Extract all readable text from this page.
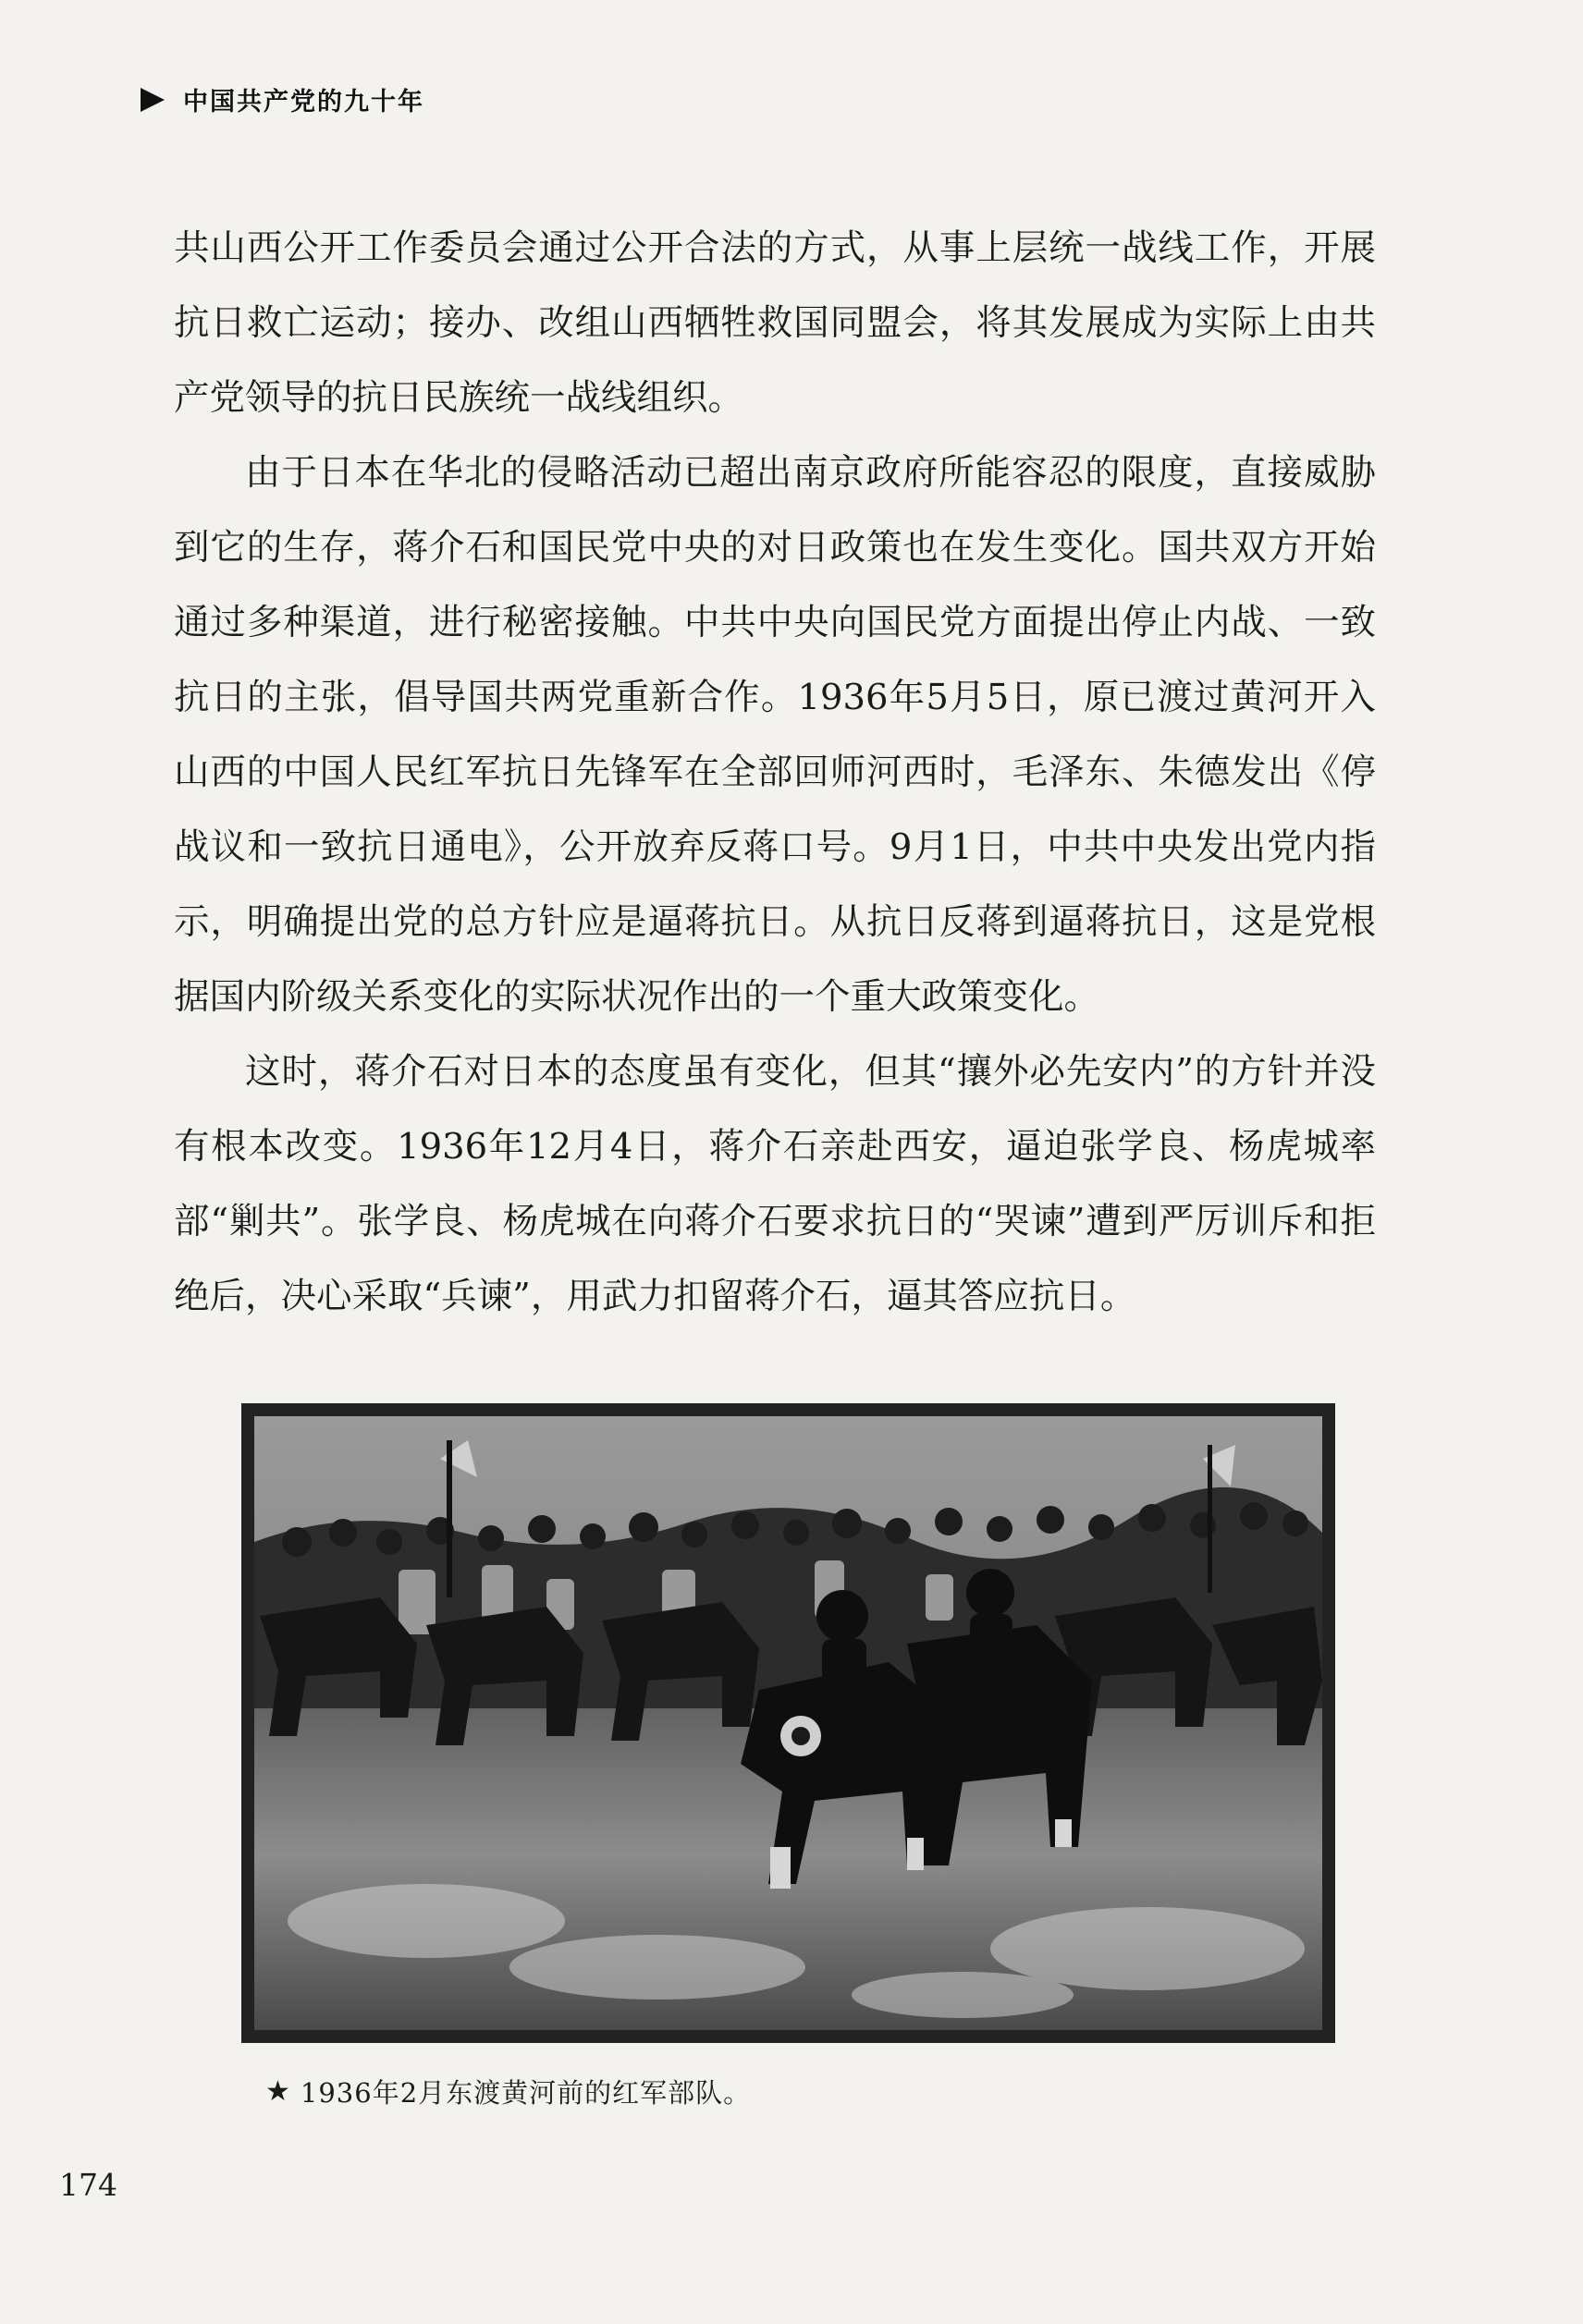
中国共产党的九十年

共山西公开工作委员会通过公开合法的方式，从事上层统一战线工作，开展抗日救亡运动；接办、改组山西牺牲救国同盟会，将其发展成为实际上由共产党领导的抗日民族统一战线组织。

由于日本在华北的侵略活动已超出南京政府所能容忍的限度，直接威胁到它的生存，蒋介石和国民党中央的对日政策也在发生变化。国共双方开始通过多种渠道，进行秘密接触。中共中央向国民党方面提出停止内战、一致抗日的主张，倡导国共两党重新合作。1936年5月5日，原已渡过黄河开入山西的中国人民红军抗日先锋军在全部回师河西时，毛泽东、朱德发出《停战议和一致抗日通电》，公开放弃反蒋口号。9月1日，中共中央发出党内指示，明确提出党的总方针应是逼蒋抗日。从抗日反蒋到逼蒋抗日，这是党根据国内阶级关系变化的实际状况作出的一个重大政策变化。

这时，蒋介石对日本的态度虽有变化，但其“攘外必先安内”的方针并没有根本改变。1936年12月4日，蒋介石亲赴西安，逼迫张学良、杨虎城率部“剿共”。张学良、杨虎城在向蒋介石要求抗日的“哭谏”遭到严厉训斥和拒绝后，决心采取“兵谏”，用武力扣留蒋介石，逼其答应抗日。

★ 1936年2月东渡黄河前的红军部队。
174
